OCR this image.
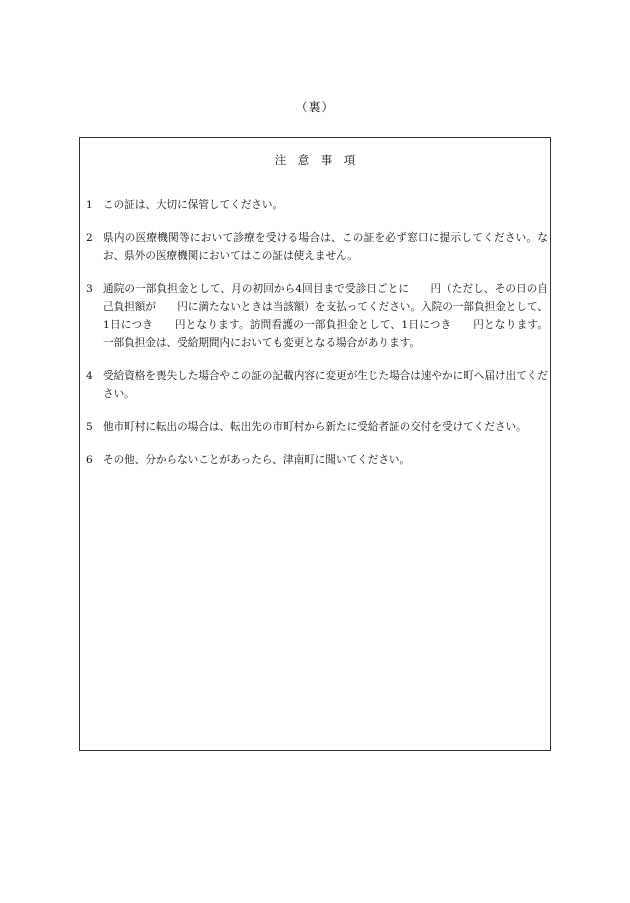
（裏）
注　意　事　項
1 この証は、大切に保管してください。
2 県内の医療機関等において診療を受ける場合は、この証を必ず窓口に提示してください。なお、県外の医療機関においてはこの証は使えません。
3 通院の一部負担金として、月の初回から4回目まで受診日ごとに　　円（ただし、その日の自己負担額が　　円に満たないときは当該額）を支払ってください。入院の一部負担金として、1日につき　　円となります。訪問看護の一部負担金として、1日につき　　円となります。一部負担金は、受給期間内においても変更となる場合があります。
4 受給資格を喪失した場合やこの証の記載内容に変更が生じた場合は速やかに町へ届け出てください。
5 他市町村に転出の場合は、転出先の市町村から新たに受給者証の交付を受けてください。
6 その他、分からないことがあったら、津南町に聞いてください。
